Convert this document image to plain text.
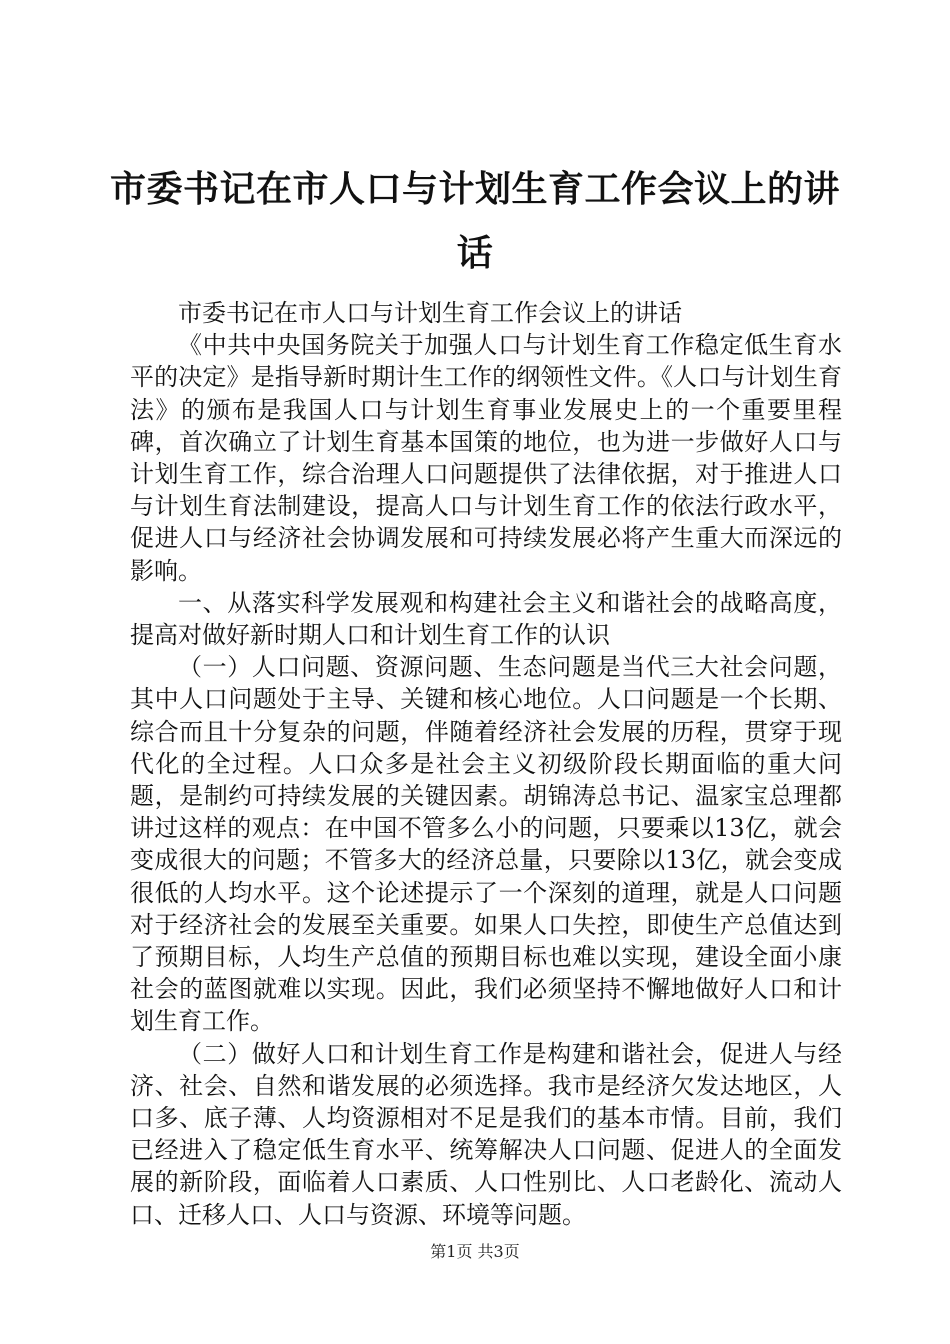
市委书记在市人口与计划生育工作会议上的讲话

市委书记在市人口与计划生育工作会议上的讲话

《中共中央国务院关于加强人口与计划生育工作稳定低生育水平的决定》是指导新时期计生工作的纲领性文件。《人口与计划生育法》的颁布是我国人口与计划生育事业发展史上的一个重要里程碑，首次确立了计划生育基本国策的地位，也为进一步做好人口与计划生育工作，综合治理人口问题提供了法律依据，对于推进人口与计划生育法制建设，提高人口与计划生育工作的依法行政水平，促进人口与经济社会协调发展和可持续发展必将产生重大而深远的影响。

一、从落实科学发展观和构建社会主义和谐社会的战略高度，提高对做好新时期人口和计划生育工作的认识

（一）人口问题、资源问题、生态问题是当代三大社会问题，其中人口问题处于主导、关键和核心地位。人口问题是一个长期、综合而且十分复杂的问题，伴随着经济社会发展的历程，贯穿于现代化的全过程。人口众多是社会主义初级阶段长期面临的重大问题，是制约可持续发展的关键因素。胡锦涛总书记、温家宝总理都讲过这样的观点：在中国不管多么小的问题，只要乘以13亿，就会变成很大的问题；不管多大的经济总量，只要除以13亿，就会变成很低的人均水平。这个论述提示了一个深刻的道理，就是人口问题对于经济社会的发展至关重要。如果人口失控，即使生产总值达到了预期目标，人均生产总值的预期目标也难以实现，建设全面小康社会的蓝图就难以实现。因此，我们必须坚持不懈地做好人口和计划生育工作。

（二）做好人口和计划生育工作是构建和谐社会，促进人与经济、社会、自然和谐发展的必须选择。我市是经济欠发达地区，人口多、底子薄、人均资源相对不足是我们的基本市情。目前，我们已经进入了稳定低生育水平、统筹解决人口问题、促进人的全面发展的新阶段，面临着人口素质、人口性别比、人口老龄化、流动人口、迁移人口、人口与资源、环境等问题。

第1页 共3页
